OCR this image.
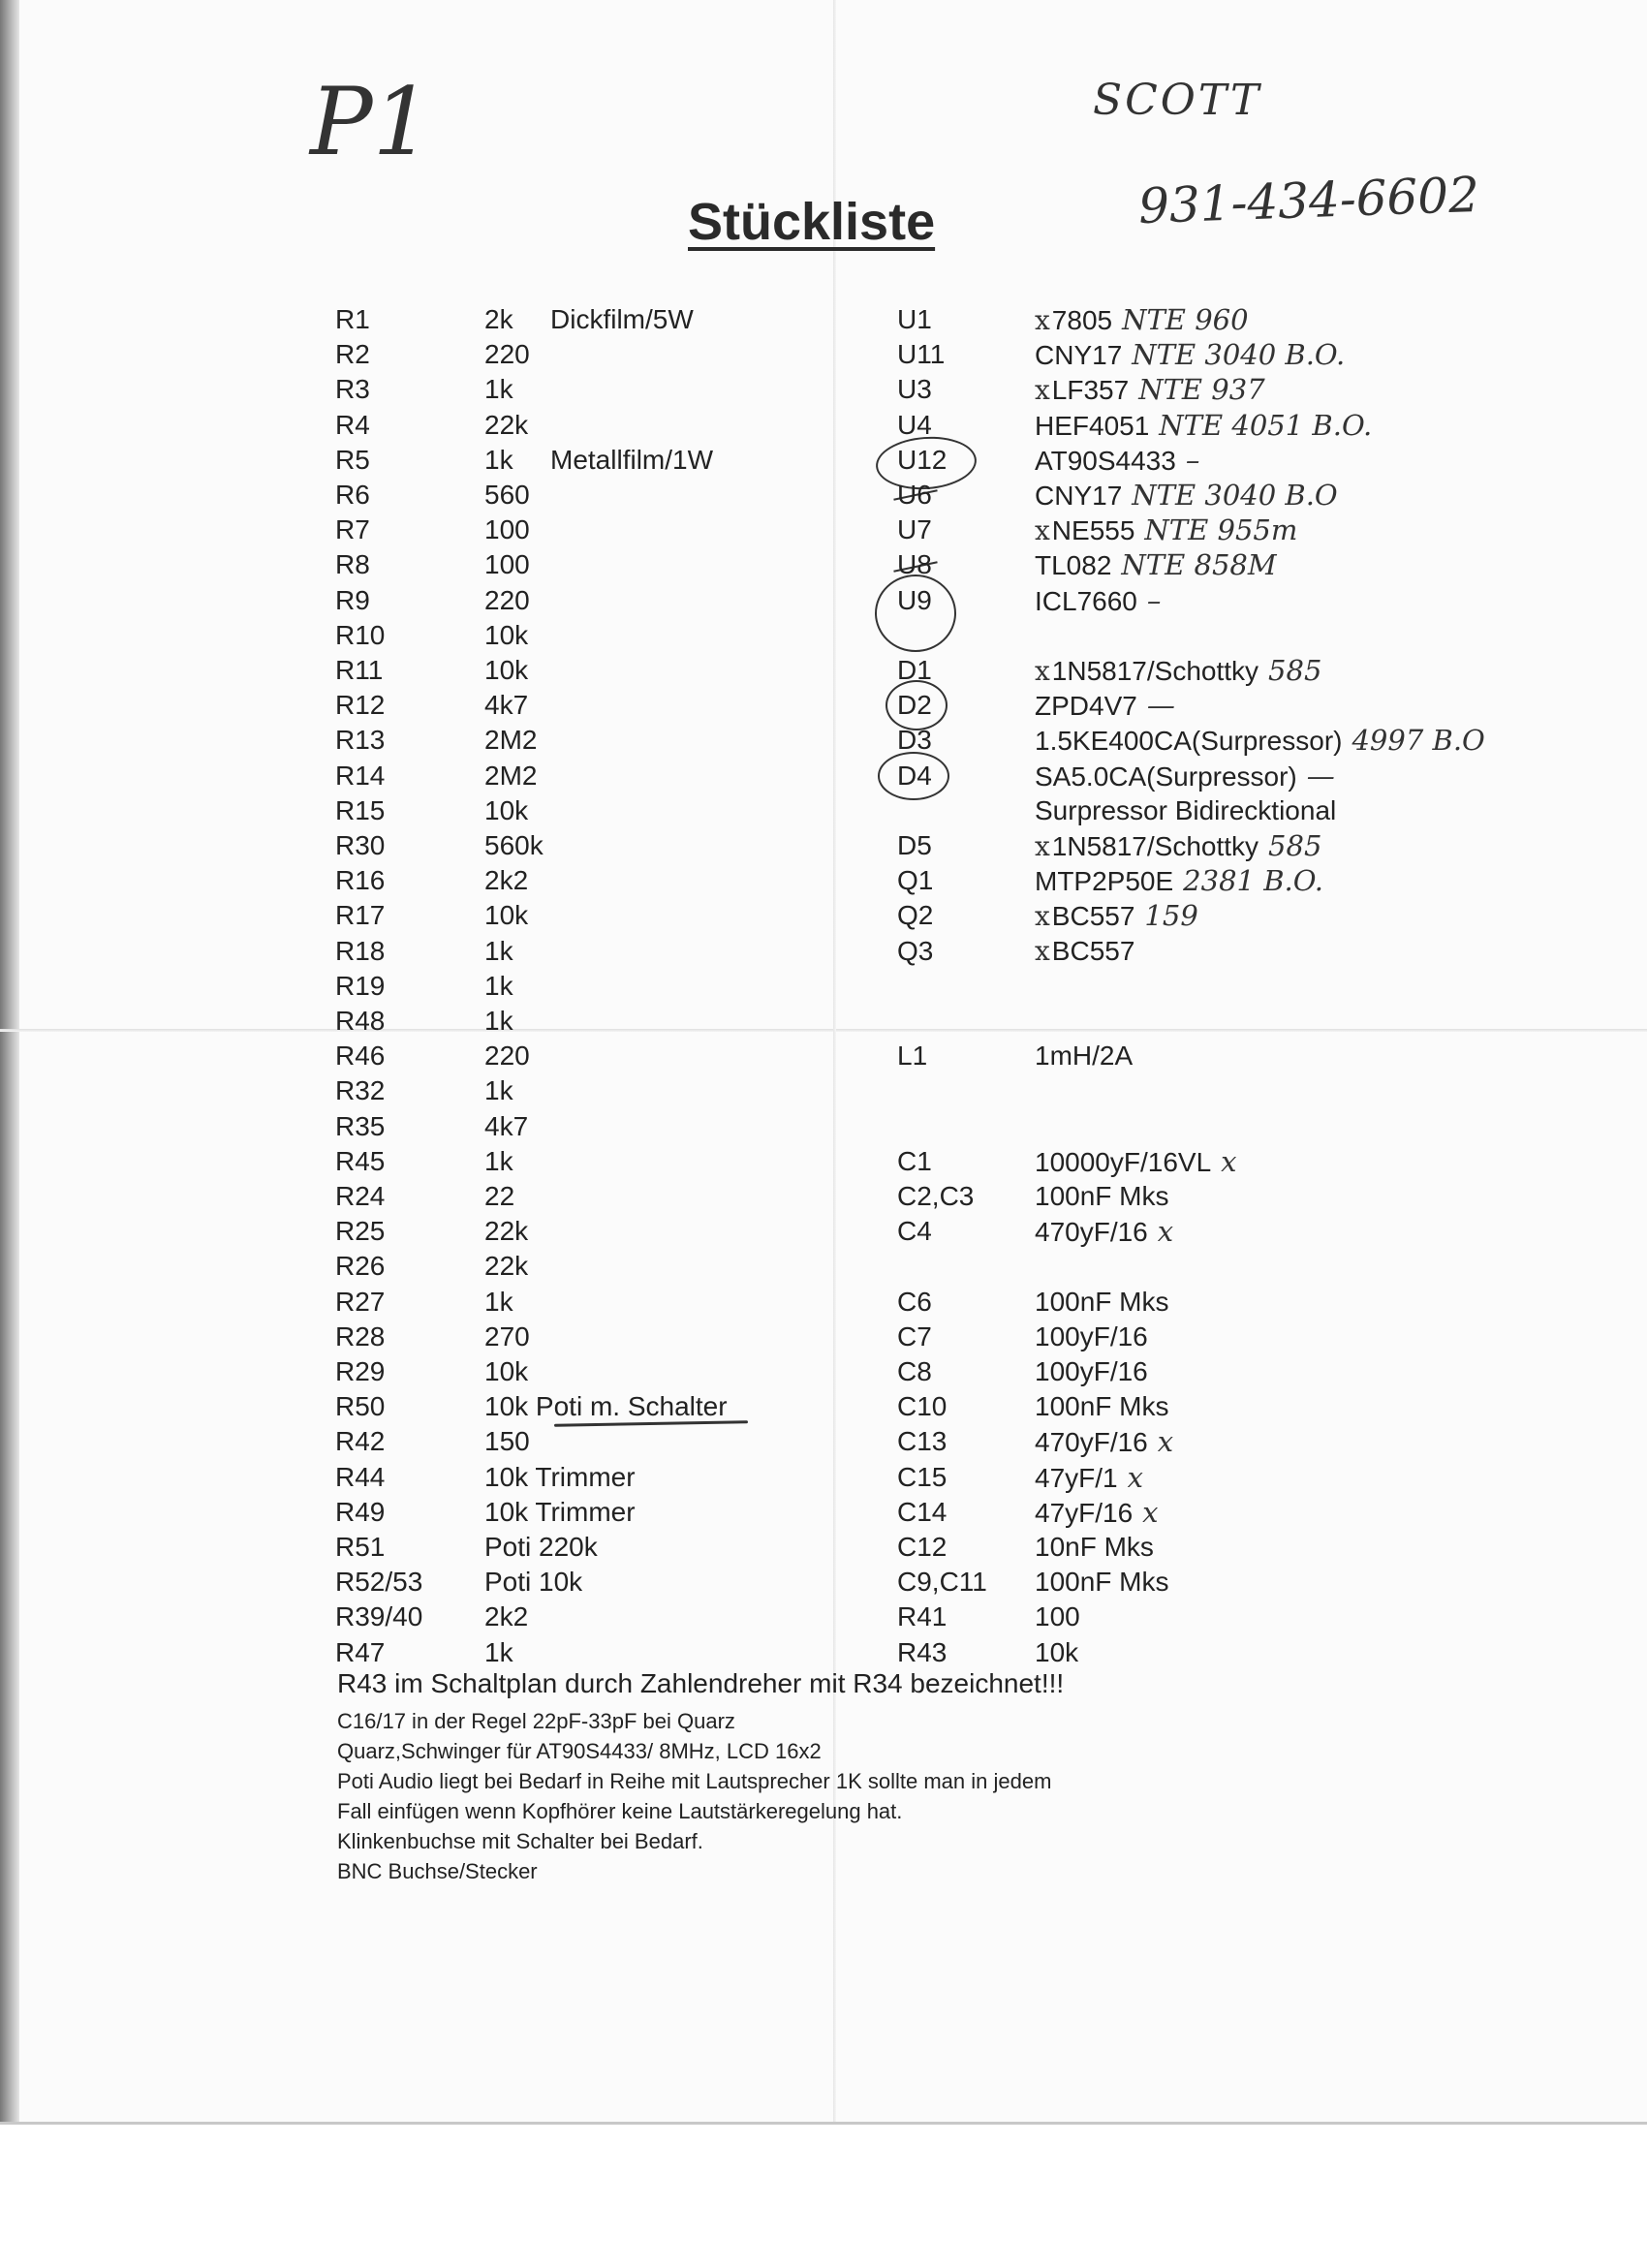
P1	SCOTT
931-434-6602
Stückliste
R43 im Schaltplan durch Zahlendreher mit R34 bezeichnet!!!
R1	2k Dickfilm/5W
R2	220
R3	1k
R4	22k
R5	1k Metallfilm/1W
R6	560
R7	100
R8	100
R9	220
R10	10k
R11	10k
R12	4k7
R13	2M2
R14	2M2
R15	10k
R30	560k
R16	2k2
R17	10k
R18	1k
R19	1k
R48	1k
R46	220
R32	1k
R35	4k7
R45	1k
R24	22
R25	22k
R26	22k
R27	1k
R28	270
R29	10k
R50	10k Poti m. Schalter
R42	150
R44	10k Trimmer
R49	10k Trimmer
R51	Poti 220k
R52/53 Poti 10k
R39/40 2k2
R47	1k
U1	x7805 NTE 960
U11	CNY17 NTE 3040 B.O.
U3	xLF357 NTE 937
U4	HEF4051 NTE 4051 B.O.
U12	AT90S4433 –
U6	CNY17 NTE 3040 B.O
U7	xNE555 NTE 955m
U8	TL082 NTE 858M
U9	ICL7660 –
D1	x1N5817/Schottky 585
D2	ZPD4V7 —
D3	1.5KE400CA(Surpressor) 4997 B.O
D4	SA5.0CA(Surpressor) —
Surpressor Bidirecktional
D5	x1N5817/Schottky 585
Q1	MTP2P50E 2381 B.O.
Q2	xBC557 159
Q3	xBC557
L1	1mH/2A
C1	10000yF/16VL x
C2,C3 100nF Mks
C4	470yF/16 x
C6	100nF Mks
C7	100yF/16
C8	100yF/16
C10	100nF Mks
C13	470yF/16 x
C15	47yF/1 x
C14	47yF/16 x
C12	10nF Mks
C9,C11 100nF Mks
R41	100
R43	10k
C16/17 in der Regel 22pF-33pF bei Quarz
Quarz,Schwinger für AT90S4433/ 8MHz, LCD 16x2
Poti Audio liegt bei Bedarf in Reihe mit Lautsprecher 1K sollte man in jedem
Fall einfügen wenn Kopfhörer keine Lautstärkeregelung hat.
Klinkenbuchse mit Schalter bei Bedarf.
BNC Buchse/Stecker
